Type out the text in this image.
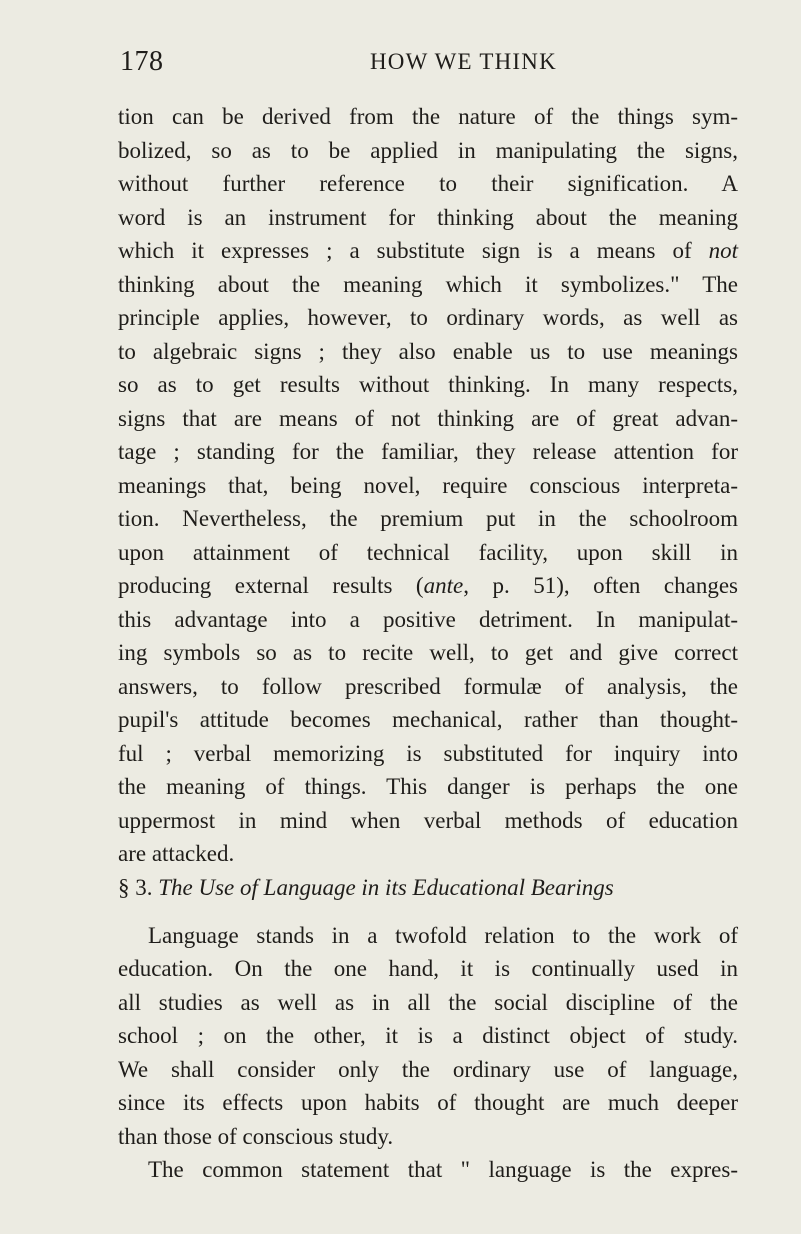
178	HOW WE THINK
tion can be derived from the nature of the things sym-
bolized, so as to be applied in manipulating the signs,
without further reference to their signification. A
word is an instrument for thinking about the meaning
which it expresses ; a substitute sign is a means of not
thinking about the meaning which it symbolizes." The
principle applies, however, to ordinary words, as well as
to algebraic signs ; they also enable us to use meanings
so as to get results without thinking. In many respects,
signs that are means of not thinking are of great advan-
tage ; standing for the familiar, they release attention for
meanings that, being novel, require conscious interpreta-
tion. Nevertheless, the premium put in the schoolroom
upon attainment of technical facility, upon skill in
producing external results (ante, p. 51), often changes
this advantage into a positive detriment. In manipulat-
ing symbols so as to recite well, to get and give correct
answers, to follow prescribed formulæ of analysis, the
pupil's attitude becomes mechanical, rather than thought-
ful ; verbal memorizing is substituted for inquiry into
the meaning of things. This danger is perhaps the one
uppermost in mind when verbal methods of education
are attacked.
§ 3. The Use of Language in its Educational Bearings
Language stands in a twofold relation to the work of
education. On the one hand, it is continually used in
all studies as well as in all the social discipline of the
school ; on the other, it is a distinct object of study.
We shall consider only the ordinary use of language,
since its effects upon habits of thought are much deeper
than those of conscious study.
The common statement that " language is the expres-
